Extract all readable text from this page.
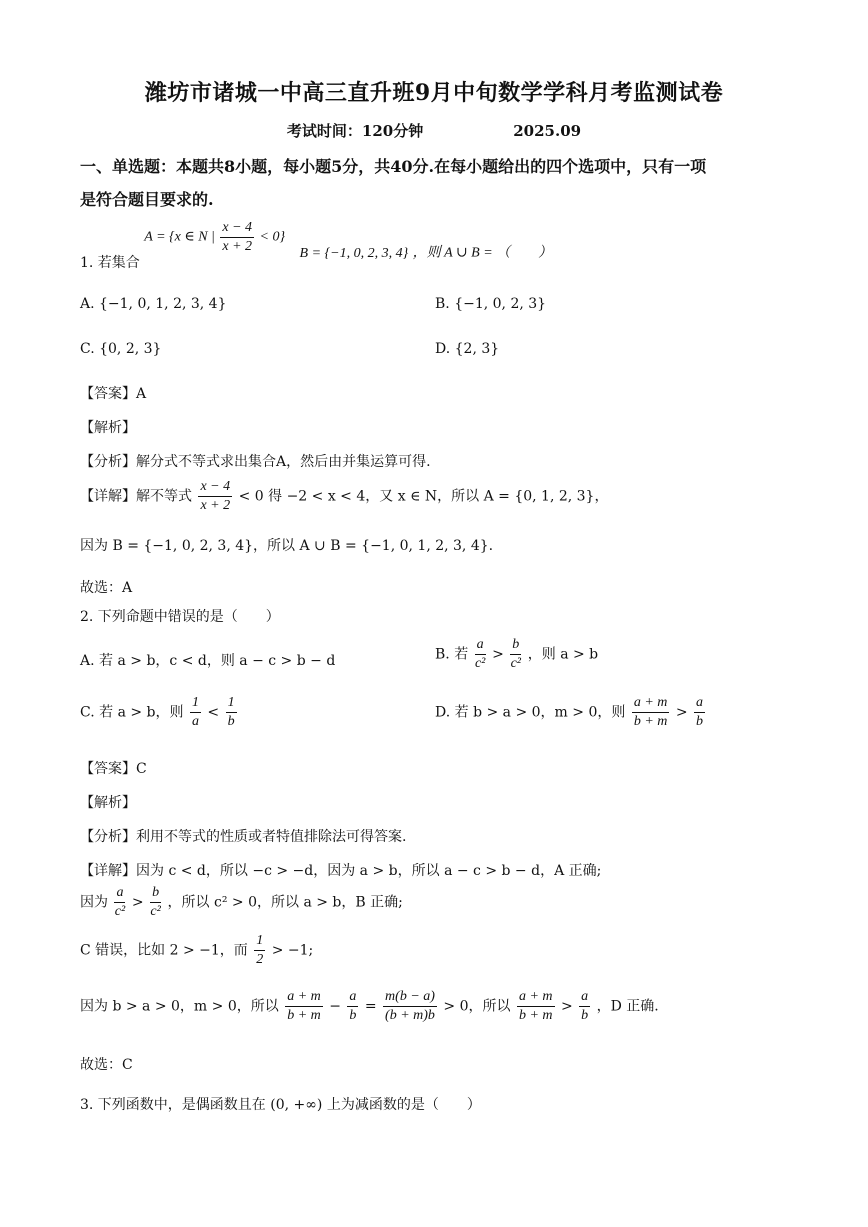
潍坊市诸城一中高三直升班9月中旬数学学科月考监测试卷
考试时间：120分钟	2025.09
一、单选题：本题共8小题，每小题5分，共40分.在每小题给出的四个选项中，只有一项
是符合题目要求的.
1. 若集合 A = {x ∈ N | $\frac{x - 4}{x + 2} < 0$} B = {−1, 0, 2, 3, 4} ，则 A ∪ B = （　　）
A. {−1, 0, 1, 2, 3, 4}	B. {−1, 0, 2, 3}
C. {0, 2, 3}	D. {2, 3}
【答案】A
【解析】
【分析】解分式不等式求出集合A，然后由并集运算可得.
【详解】解不等式 $\frac{x - 4}{x + 2} < 0$ 得 −2 < x < 4，又 x ∈ N，所以 A = {0, 1, 2, 3}，
因为 B = {−1, 0, 2, 3, 4}，所以 A ∪ B = {−1, 0, 1, 2, 3, 4}.
故选：A
2. 下列命题中错误的是（　　）
A. 若 a > b，c < d，则 a − c > b − d	B. 若 $\frac{a}{\text{c²}} > \frac{b}{\text{c²}}$ ，则 a > b
C. 若 a > b，则 $\frac{1}{a} < \frac{1}{b}$	D. 若 b > a > 0，m > 0，则 $\frac{a + m}{b + m} > \frac{a}{b}$
【答案】C
【解析】
【分析】利用不等式的性质或者特值排除法可得答案.
【详解】因为 c < d，所以 −c > −d，因为 a > b，所以 a − c > b − d，A 正确;
因为 $\frac{a}{\text{c²}} > \frac{b}{\text{c²}}$ ，所以 c² > 0，所以 a > b，B 正确;
C 错误，比如 2 > −1，而 $\frac{1}{2} > -1$;
因为 b > a > 0，m > 0，所以 $\frac{a + m}{b + m} - \frac{a}{b} = \frac{m(b - a)}{(b + m)b} > 0$，所以 $\frac{a + m}{b + m} > \frac{a}{b}$ ，D 正确.
故选：C
3. 下列函数中，是偶函数且在 (0, +∞) 上为减函数的是（　　）
